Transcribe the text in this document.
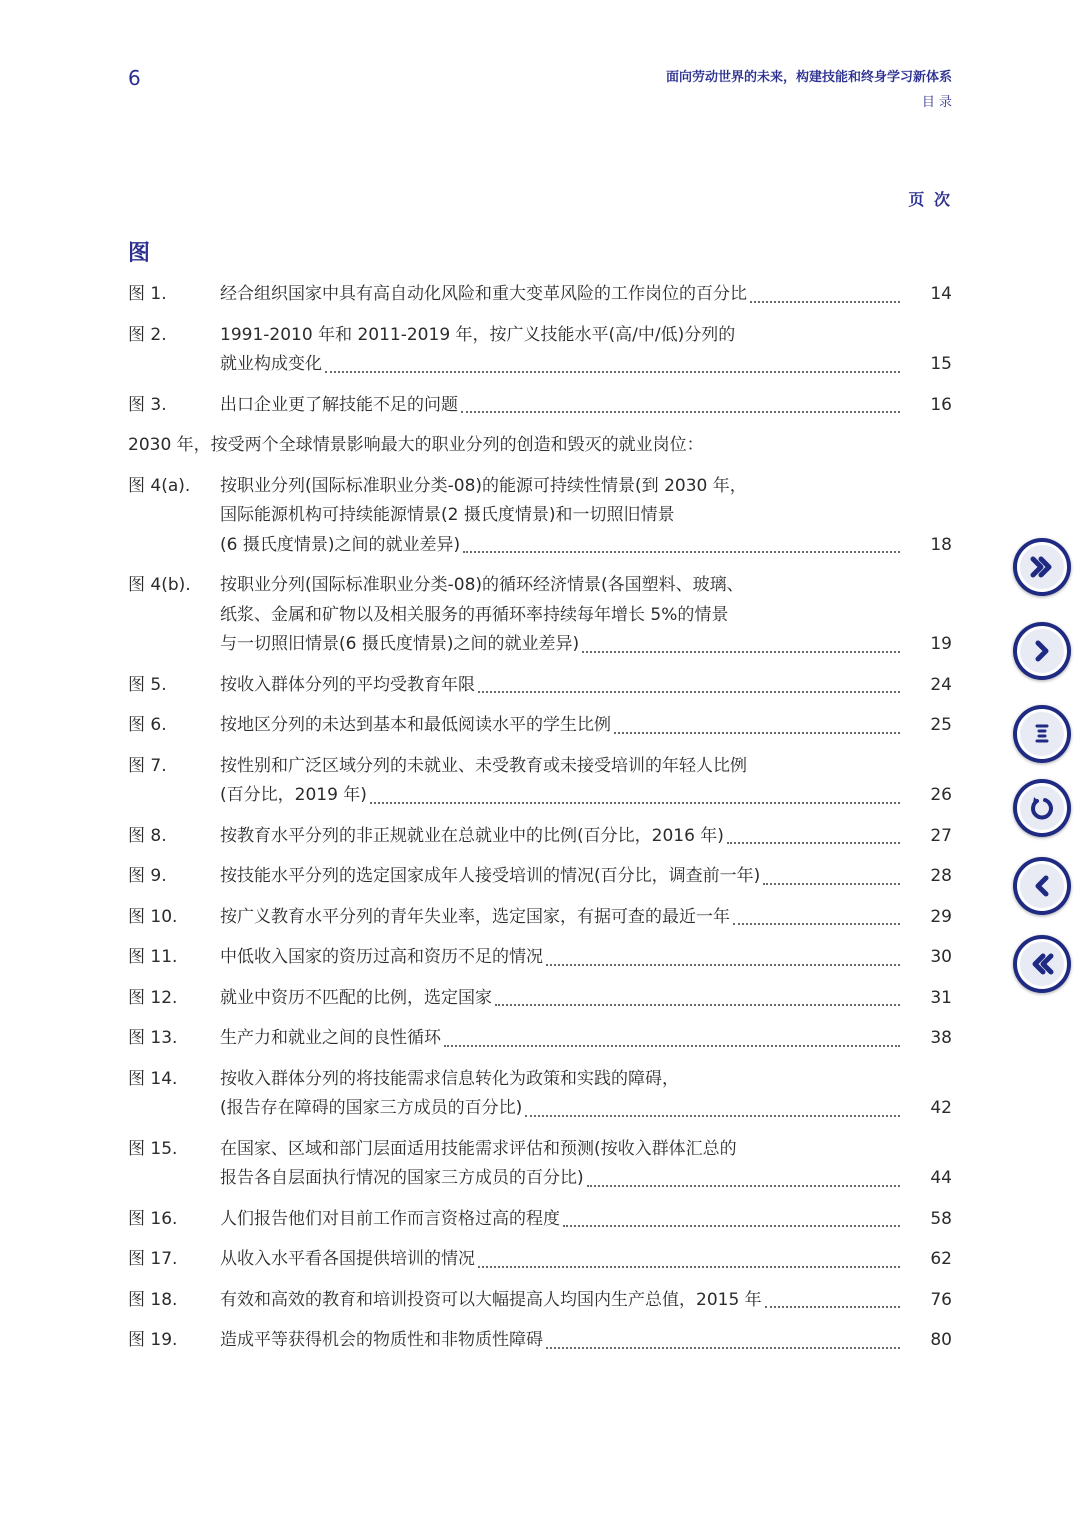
6	面向劳动世界的未来，构建技能和终身学习新体系
目 录
页 次
图
图 1.	经合组织国家中具有高自动化风险和重大变革风险的工作岗位的百分比	14
图 2.	1991-2010 年和 2011-2019 年，按广义技能水平(高/中/低)分列的
就业构成变化	15
图 3.	出口企业更了解技能不足的问题	16
2030 年，按受两个全球情景影响最大的职业分列的创造和毁灭的就业岗位：
图 4(a).	按职业分列(国际标准职业分类-08)的能源可持续性情景(到 2030 年，
国际能源机构可持续能源情景(2 摄氏度情景)和一切照旧情景
(6 摄氏度情景)之间的就业差异)	18
图 4(b).	按职业分列(国际标准职业分类-08)的循环经济情景(各国塑料、玻璃、
纸浆、金属和矿物以及相关服务的再循环率持续每年增长 5%的情景
与一切照旧情景(6 摄氏度情景)之间的就业差异)	19
图 5.	按收入群体分列的平均受教育年限	24
图 6.	按地区分列的未达到基本和最低阅读水平的学生比例	25
图 7.	按性别和广泛区域分列的未就业、未受教育或未接受培训的年轻人比例
(百分比，2019 年)	26
图 8.	按教育水平分列的非正规就业在总就业中的比例(百分比，2016 年)	27
图 9.	按技能水平分列的选定国家成年人接受培训的情况(百分比，调查前一年)	28
图 10.	按广义教育水平分列的青年失业率，选定国家，有据可查的最近一年	29
图 11.	中低收入国家的资历过高和资历不足的情况	30
图 12.	就业中资历不匹配的比例，选定国家	31
图 13.	生产力和就业之间的良性循环	38
图 14.	按收入群体分列的将技能需求信息转化为政策和实践的障碍，
(报告存在障碍的国家三方成员的百分比)	42
图 15.	在国家、区域和部门层面适用技能需求评估和预测(按收入群体汇总的
报告各自层面执行情况的国家三方成员的百分比)	44
图 16.	人们报告他们对目前工作而言资格过高的程度	58
图 17.	从收入水平看各国提供培训的情况	62
图 18.	有效和高效的教育和培训投资可以大幅提高人均国内生产总值，2015 年	76
图 19.	造成平等获得机会的物质性和非物质性障碍	80
